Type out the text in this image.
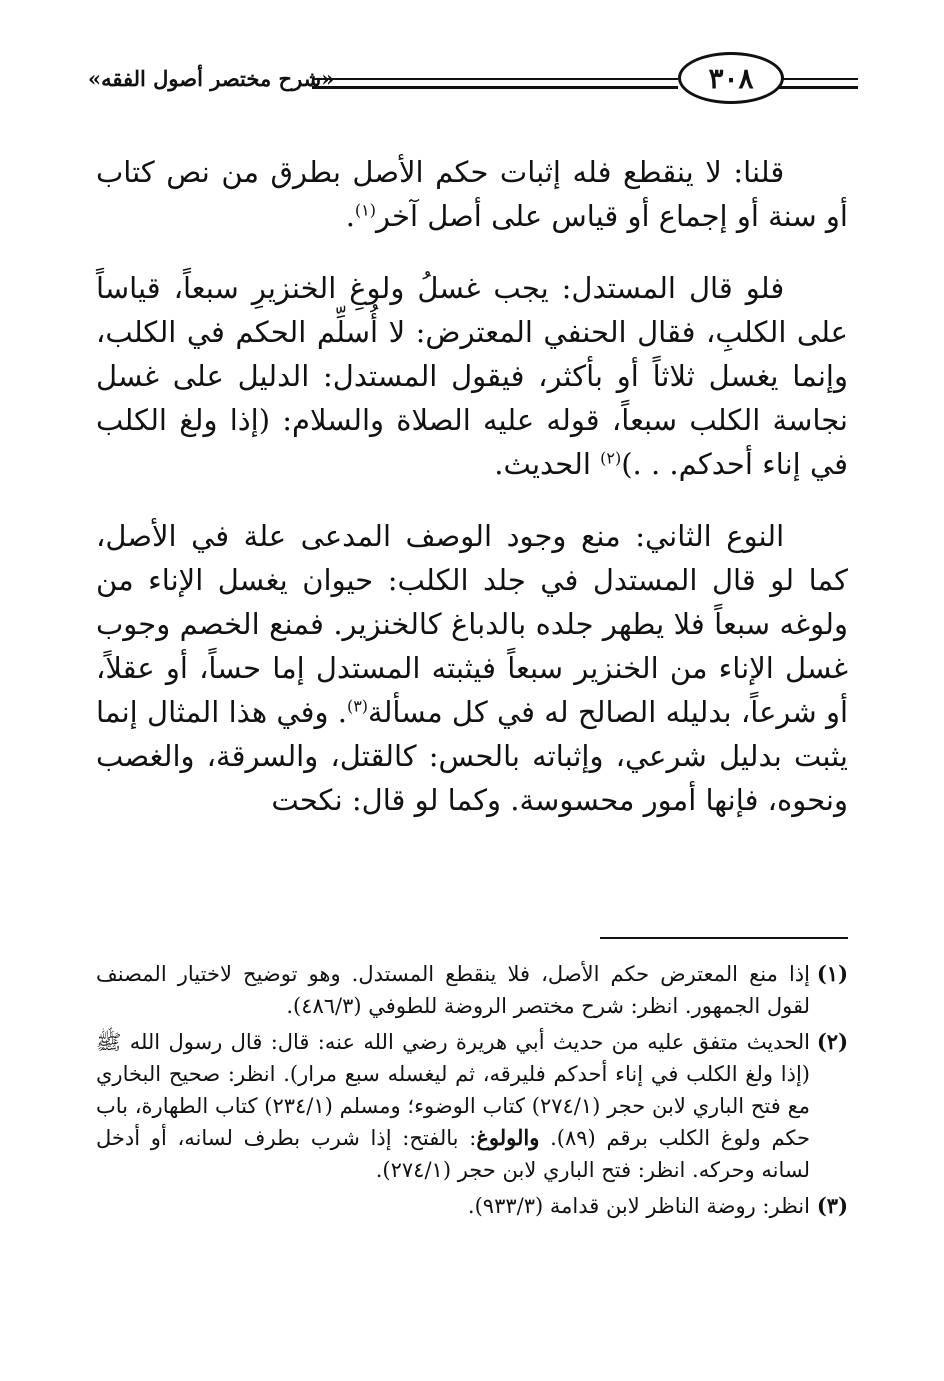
«شرح مختصر أصول الفقه»	٣٠٨

قلنا: لا ينقطع فله إثبات حكم الأصل بطرق من نص كتاب أو سنة أو إجماع أو قياس على أصل آخر$^{(١)}$.

فلو قال المستدل: يجب غسلُ ولوغِ الخنزيرِ سبعاً، قياساً على الكلبِ، فقال الحنفي المعترض: لا أُسلِّم الحكم في الكلب، وإنما يغسل ثلاثاً أو بأكثر، فيقول المستدل: الدليل على غسل نجاسة الكلب سبعاً، قوله عليه الصلاة والسلام: (إذا ولغ الكلب في إناء أحدكم. . .)$^{(٢)}$ الحديث.

النوع الثاني: منع وجود الوصف المدعى علة في الأصل، كما لو قال المستدل في جلد الكلب: حيوان يغسل الإناء من ولوغه سبعاً فلا يطهر جلده بالدباغ كالخنزير. فمنع الخصم وجوب غسل الإناء من الخنزير سبعاً فيثبته المستدل إما حساً، أو عقلاً، أو شرعاً، بدليله الصالح له في كل مسألة$^{(٣)}$. وفي هذا المثال إنما يثبت بدليل شرعي، وإثباته بالحس: كالقتل، والسرقة، والغصب ونحوه، فإنها أمور محسوسة. وكما لو قال: نكحت

(١)
إذا منع المعترض حكم الأصل، فلا ينقطع المستدل. وهو توضيح لاختيار المصنف لقول الجمهور. انظر: شرح مختصر الروضة للطوفي (٤٨٦/٣).
(٢)
الحديث متفق عليه من حديث أبي هريرة رضي الله عنه: قال: قال رسول الله ﷺ (إذا ولغ الكلب في إناء أحدكم فليرقه، ثم ليغسله سبع مرار). انظر: صحيح البخاري مع فتح الباري لابن حجر (٢٧٤/١) كتاب الوضوء؛ ومسلم (٢٣٤/١) كتاب الطهارة، باب حكم ولوغ الكلب برقم (٨٩). والولوغ: بالفتح: إذا شرب بطرف لسانه، أو أدخل لسانه وحركه. انظر: فتح الباري لابن حجر (٢٧٤/١).
(٣)
انظر: روضة الناظر لابن قدامة (٩٣٣/٣).
